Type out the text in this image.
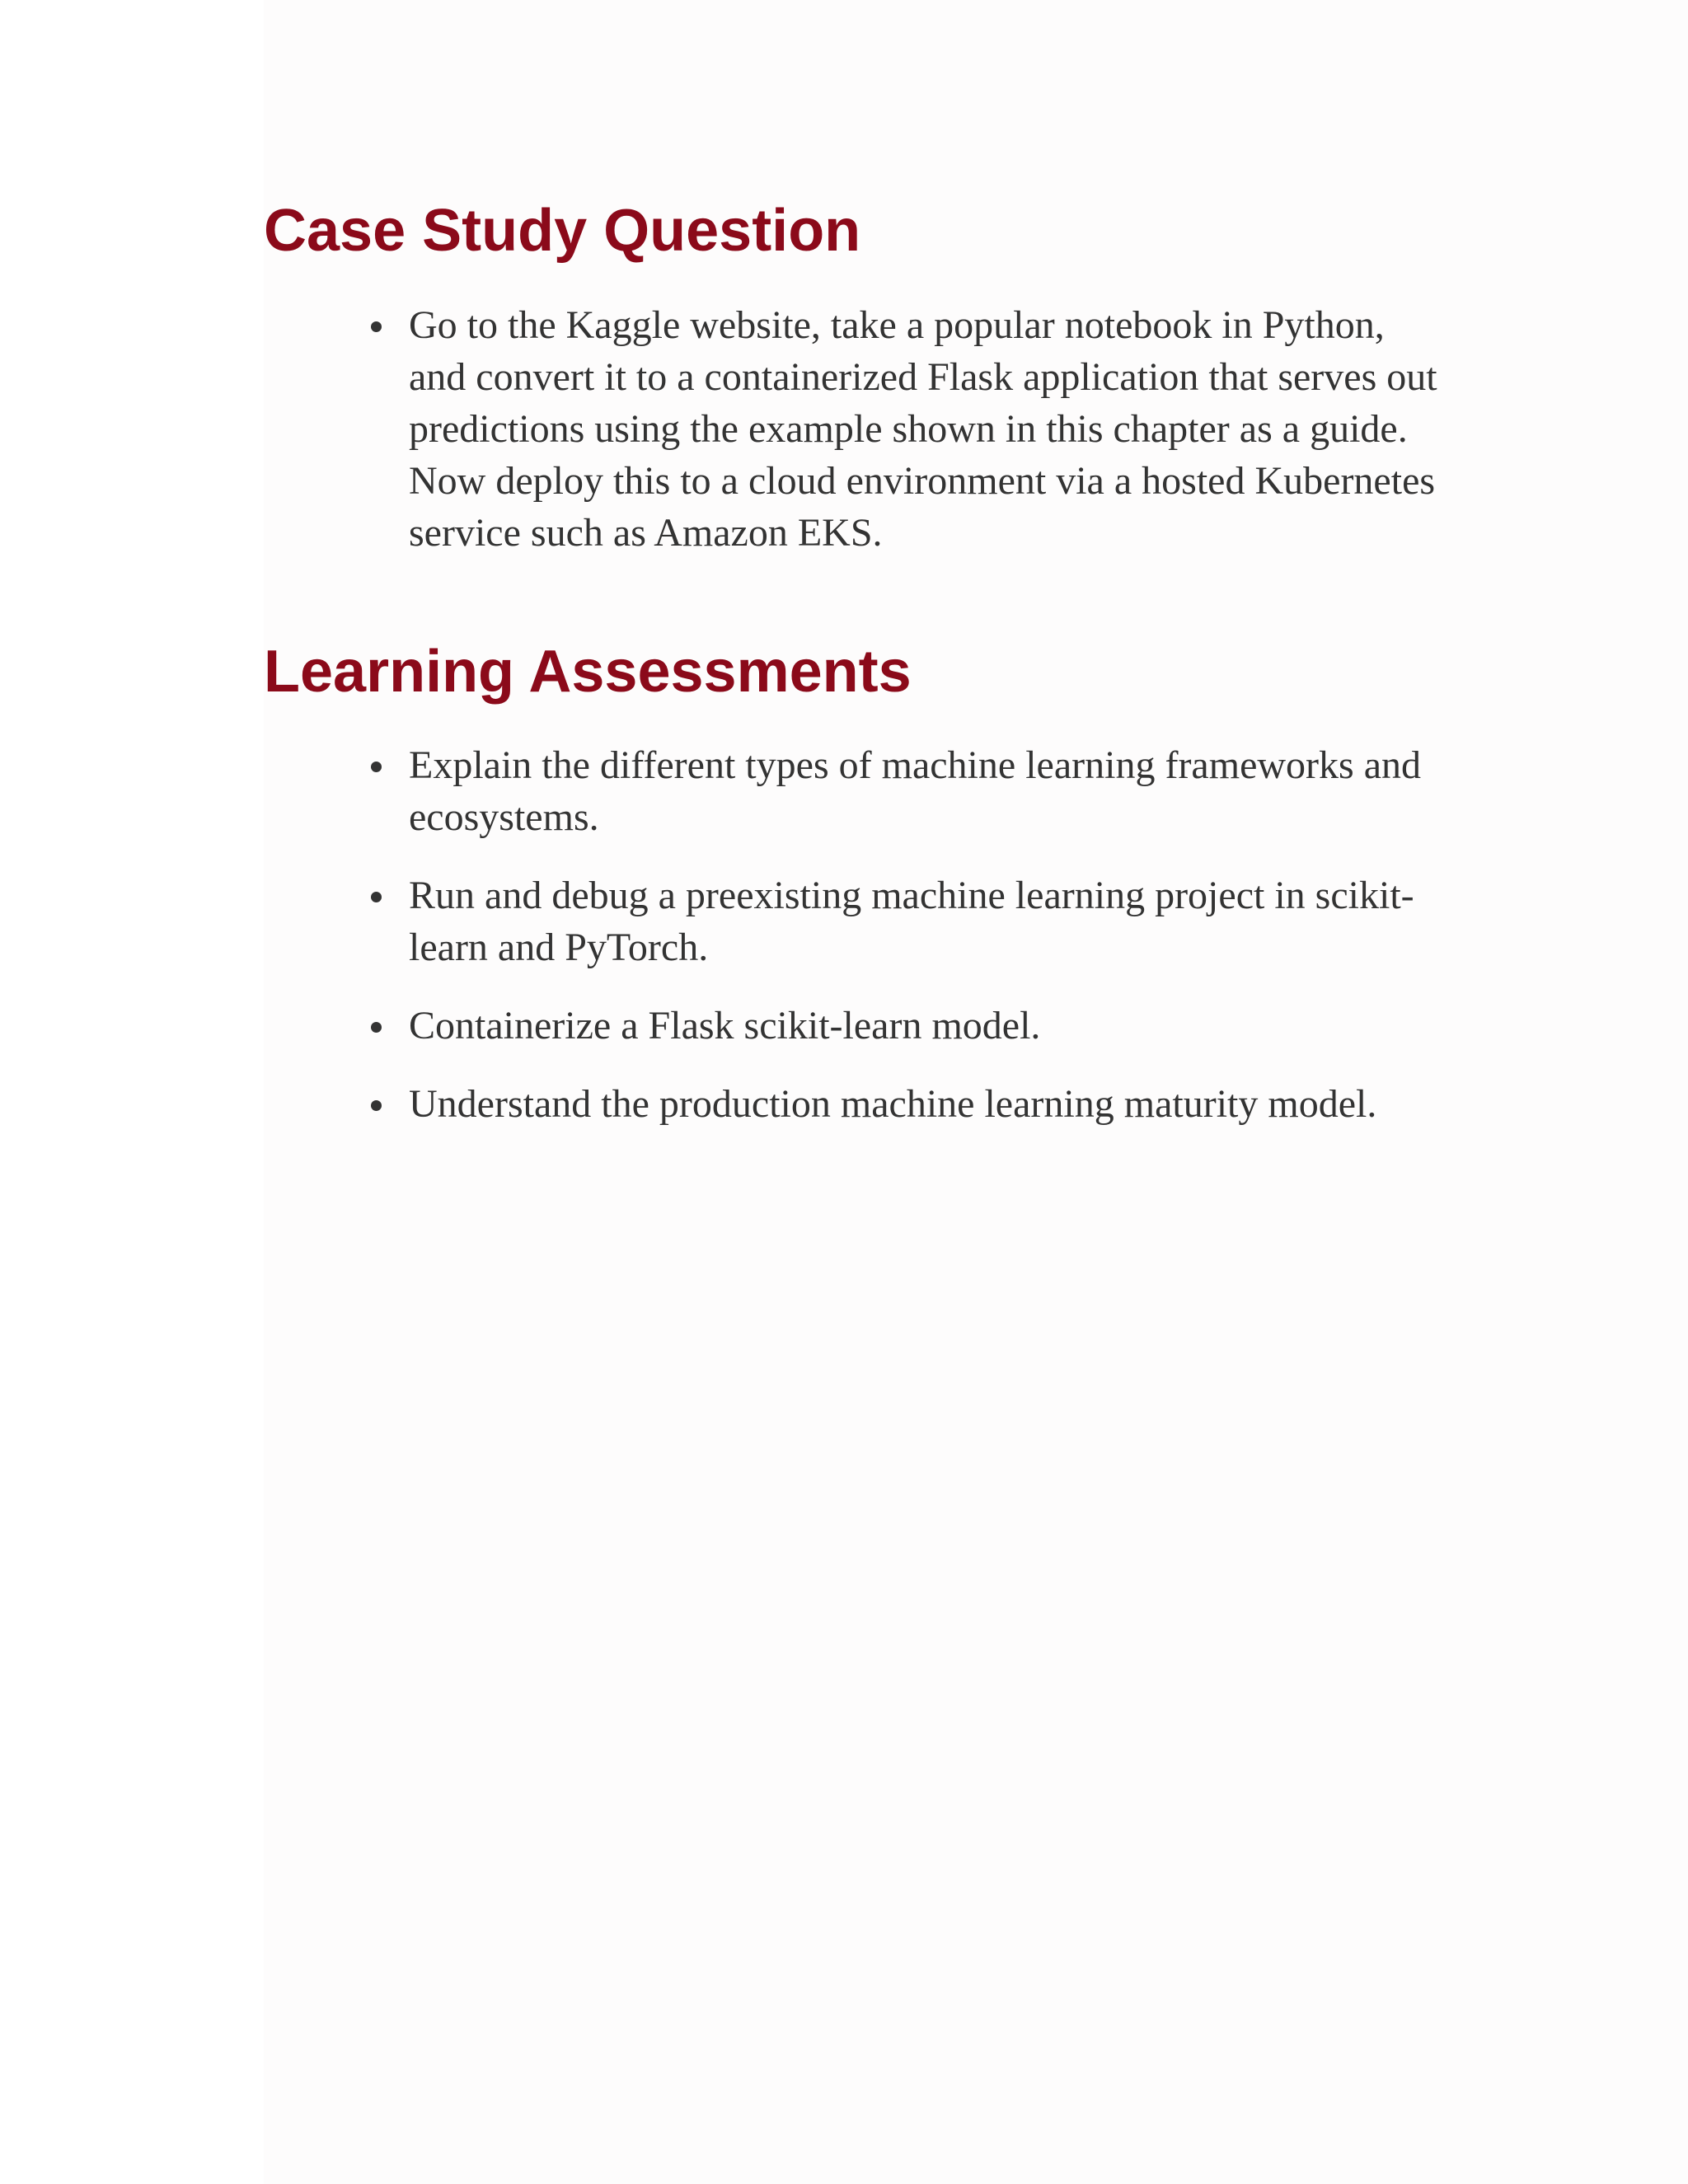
Case Study Question
Go to the Kaggle website, take a popular notebook in Python, and convert it to a containerized Flask application that serves out predictions using the example shown in this chapter as a guide. Now deploy this to a cloud environment via a hosted Kubernetes service such as Amazon EKS.
Learning Assessments
Explain the different types of machine learning frameworks and ecosystems.
Run and debug a preexisting machine learning project in scikit-learn and PyTorch.
Containerize a Flask scikit-learn model.
Understand the production machine learning maturity model.
